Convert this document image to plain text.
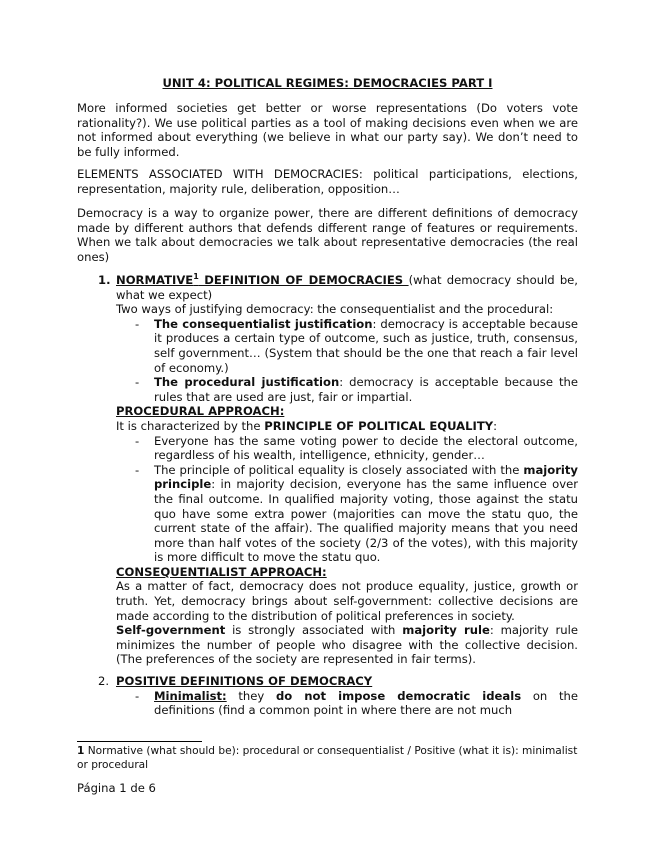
UNIT 4: POLITICAL REGIMES: DEMOCRACIES PART I
More informed societies get better or worse representations (Do voters vote rationality?). We use political parties as a tool of making decisions even when we are not informed about everything (we believe in what our party say). We don’t need to be fully informed.
ELEMENTS ASSOCIATED WITH DEMOCRACIES: political participations, elections, representation, majority rule, deliberation, opposition…
Democracy is a way to organize power, there are different definitions of democracy made by different authors that defends different range of features or requirements. When we talk about democracies we talk about representative democracies (the real ones)
1. NORMATIVE$^1$ DEFINITION OF DEMOCRACIES (what democracy should be, what we expect)
Two ways of justifying democracy: the consequentialist and the procedural:
- The consequentialist justification: democracy is acceptable because it produces a certain type of outcome, such as justice, truth, consensus, self government… (System that should be the one that reach a fair level of economy.)
- The procedural justification: democracy is acceptable because the rules that are used are just, fair or impartial.
PROCEDURAL APPROACH:
It is characterized by the PRINCIPLE OF POLITICAL EQUALITY:
- Everyone has the same voting power to decide the electoral outcome, regardless of his wealth, intelligence, ethnicity, gender…
- The principle of political equality is closely associated with the majority principle: in majority decision, everyone has the same influence over the final outcome. In qualified majority voting, those against the statu quo have some extra power (majorities can move the statu quo, the current state of the affair). The qualified majority means that you need more than half votes of the society (2/3 of the votes), with this majority is more difficult to move the statu quo.
CONSEQUENTIALIST APPROACH:
As a matter of fact, democracy does not produce equality, justice, growth or truth. Yet, democracy brings about self-government: collective decisions are made according to the distribution of political preferences in society.
Self-government is strongly associated with majority rule: majority rule minimizes the number of people who disagree with the collective decision. (The preferences of the society are represented in fair terms).
2. POSITIVE DEFINITIONS OF DEMOCRACY
- Minimalist: they do not impose democratic ideals on the definitions (find a common point in where there are not much
1 Normative (what should be): procedural or consequentialist / Positive (what it is): minimalist or procedural
Página 1 de 6
